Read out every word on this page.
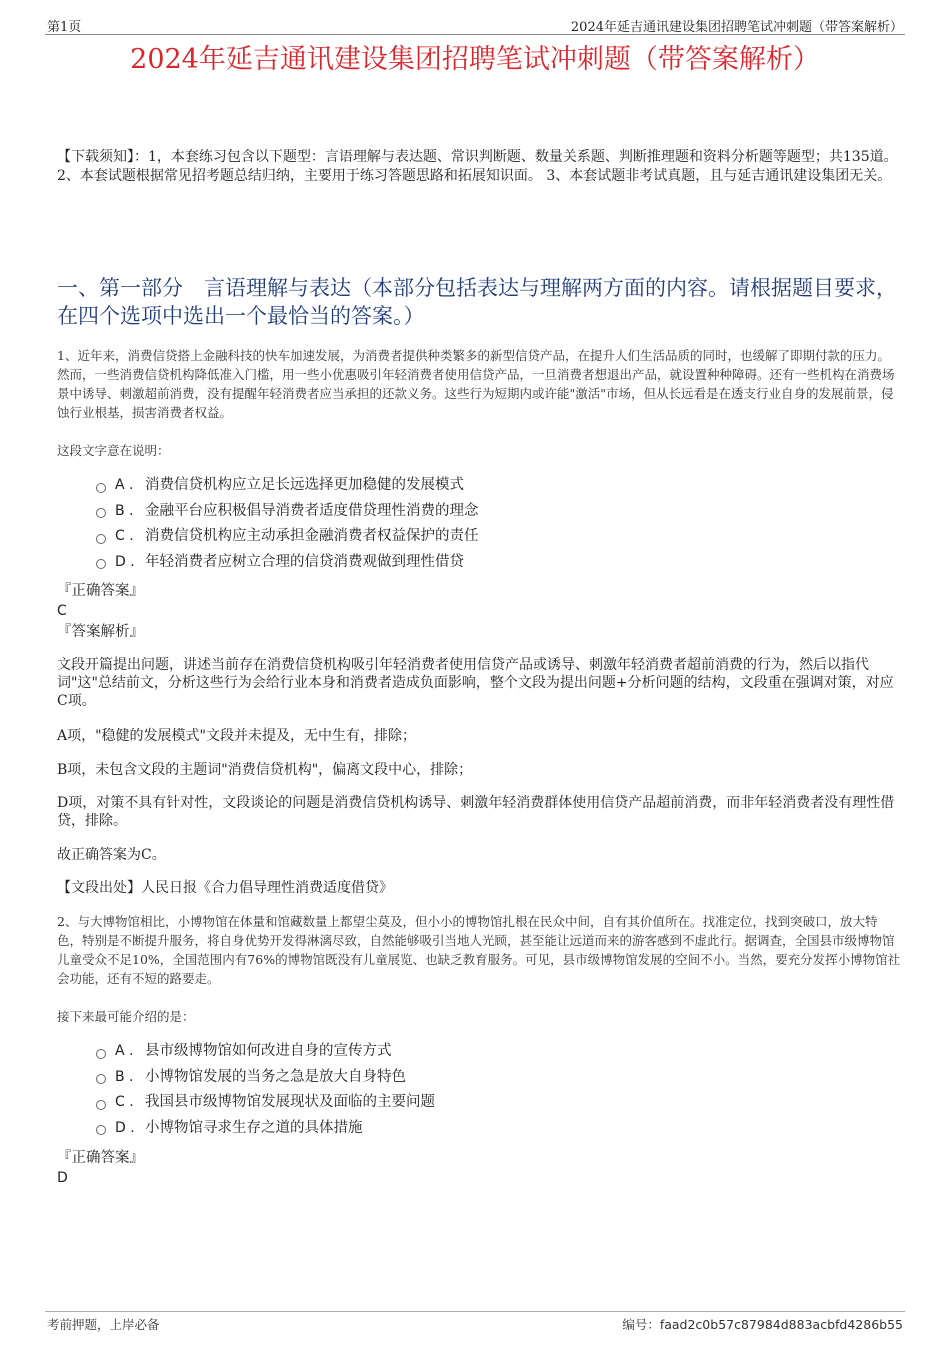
第1页	2024年延吉通讯建设集团招聘笔试冲刺题（带答案解析）
2024年延吉通讯建设集团招聘笔试冲刺题（带答案解析）
【下载须知】：1，本套练习包含以下题型：言语理解与表达题、常识判断题、数量关系题、判断推理题和资料分析题等题型；共135道。 2、本套试题根据常见招考题总结归纳，主要用于练习答题思路和拓展知识面。 3、本套试题非考试真题，且与延吉通讯建设集团无关。
一、第一部分　言语理解与表达（本部分包括表达与理解两方面的内容。请根据题目要求，在四个选项中选出一个最恰当的答案。）
1、近年来，消费信贷搭上金融科技的快车加速发展，为消费者提供种类繁多的新型信贷产品，在提升人们生活品质的同时，也缓解了即期付款的压力。然而，一些消费信贷机构降低准入门槛，用一些小优惠吸引年轻消费者使用信贷产品，一旦消费者想退出产品，就设置种种障碍。还有一些机构在消费场景中诱导、刺激超前消费，没有提醒年轻消费者应当承担的还款义务。这些行为短期内或许能"激活"市场，但从长远看是在透支行业自身的发展前景，侵蚀行业根基，损害消费者权益。
这段文字意在说明：
A . 消费信贷机构应立足长远选择更加稳健的发展模式
B . 金融平台应积极倡导消费者适度借贷理性消费的理念
C . 消费信贷机构应主动承担金融消费者权益保护的责任
D . 年轻消费者应树立合理的信贷消费观做到理性借贷
『正确答案』
C
『答案解析』
文段开篇提出问题，讲述当前存在消费信贷机构吸引年轻消费者使用信贷产品或诱导、刺激年轻消费者超前消费的行为，然后以指代词"这"总结前文，分析这些行为会给行业本身和消费者造成负面影响，整个文段为提出问题+分析问题的结构，文段重在强调对策，对应C项。
A项，"稳健的发展模式"文段并未提及，无中生有，排除；
B项，未包含文段的主题词"消费信贷机构"，偏离文段中心，排除；
D项，对策不具有针对性，文段谈论的问题是消费信贷机构诱导、刺激年轻消费群体使用信贷产品超前消费，而非年轻消费者没有理性借贷，排除。
故正确答案为C。
【文段出处】人民日报《合力倡导理性消费适度借贷》
2、与大博物馆相比，小博物馆在体量和馆藏数量上都望尘莫及，但小小的博物馆扎根在民众中间，自有其价值所在。找准定位，找到突破口，放大特色，特别是不断提升服务，将自身优势开发得淋漓尽致，自然能够吸引当地人光顾，甚至能让远道而来的游客感到不虚此行。据调查，全国县市级博物馆儿童受众不足10%，全国范围内有76%的博物馆既没有儿童展览、也缺乏教育服务。可见，县市级博物馆发展的空间不小。当然，要充分发挥小博物馆社会功能，还有不短的路要走。
接下来最可能介绍的是：
A . 县市级博物馆如何改进自身的宣传方式
B . 小博物馆发展的当务之急是放大自身特色
C . 我国县市级博物馆发展现状及面临的主要问题
D . 小博物馆寻求生存之道的具体措施
『正确答案』
D
考前押题，上岸必备	编号：faad2c0b57c87984d883acbfd4286b55
